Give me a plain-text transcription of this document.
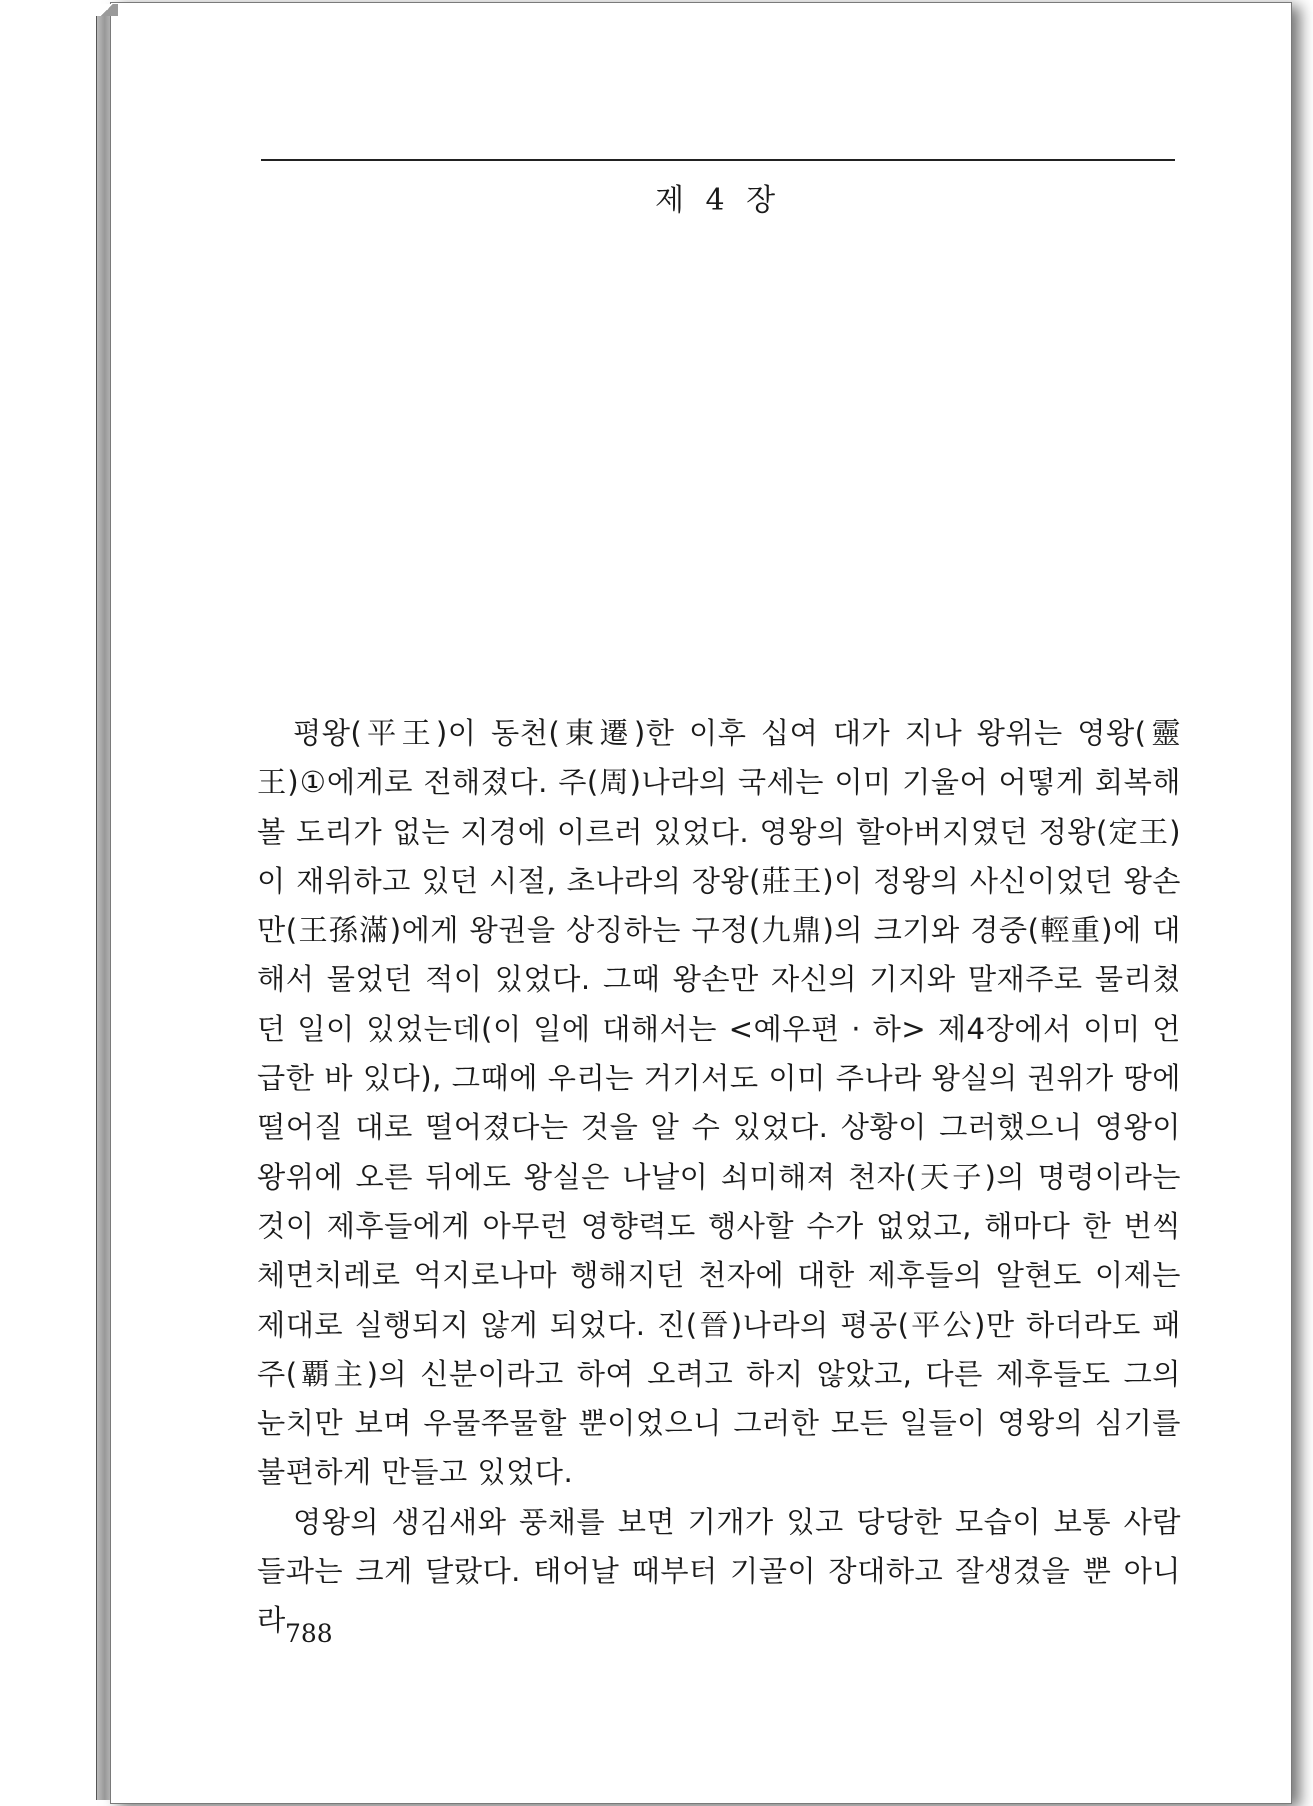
제 4 장

평왕(平王)이 동천(東遷)한 이후 십여 대가 지나 왕위는 영왕(靈王)①에게로 전해졌다. 주(周)나라의 국세는 이미 기울어 어떻게 회복해 볼 도리가 없는 지경에 이르러 있었다. 영왕의 할아버지였던 정왕(定王)이 재위하고 있던 시절, 초나라의 장왕(莊王)이 정왕의 사신이었던 왕손만(王孫滿)에게 왕권을 상징하는 구정(九鼎)의 크기와 경중(輕重)에 대해서 물었던 적이 있었다. 그때 왕손만 자신의 기지와 말재주로 물리쳤던 일이 있었는데(이 일에 대해서는 <예우편 · 하> 제4장에서 이미 언급한 바 있다), 그때에 우리는 거기서도 이미 주나라 왕실의 권위가 땅에 떨어질 대로 떨어졌다는 것을 알 수 있었다. 상황이 그러했으니 영왕이 왕위에 오른 뒤에도 왕실은 나날이 쇠미해져 천자(天子)의 명령이라는 것이 제후들에게 아무런 영향력도 행사할 수가 없었고, 해마다 한 번씩 체면치레로 억지로나마 행해지던 천자에 대한 제후들의 알현도 이제는 제대로 실행되지 않게 되었다. 진(晉)나라의 평공(平公)만 하더라도 패주(覇主)의 신분이라고 하여 오려고 하지 않았고, 다른 제후들도 그의 눈치만 보며 우물쭈물할 뿐이었으니 그러한 모든 일들이 영왕의 심기를 불편하게 만들고 있었다.

영왕의 생김새와 풍채를 보면 기개가 있고 당당한 모습이 보통 사람들과는 크게 달랐다. 태어날 때부터 기골이 장대하고 잘생겼을 뿐 아니라 788
